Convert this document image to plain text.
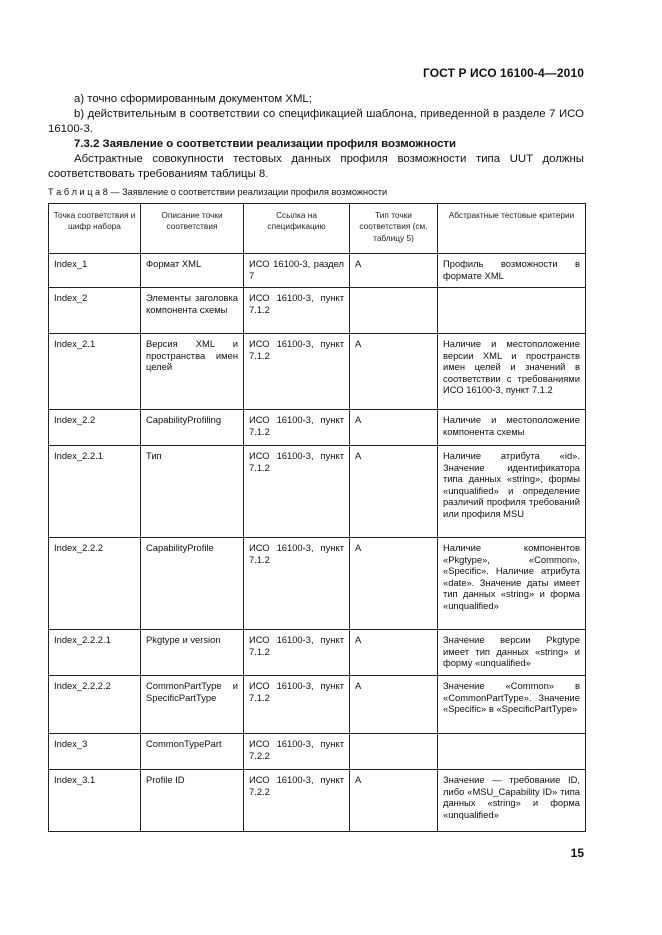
ГОСТ Р ИСО 16100-4—2010

а) точно сформированным документом XML;

b) действительным в соответствии со спецификацией шаблона, приведенной в разделе 7 ИСО 16100-3.

7.3.2 Заявление о соответствии реализации профиля возможности

Абстрактные совокупности тестовых данных профиля возможности типа UUT должны соответствовать требованиям таблицы 8.

Т а б л и ц а 8 — Заявление о соответствии реализации профиля возможности
Точка соответствия и шифр набора	Описание точки соответствия	Ссылка на спецификацию	Тип точки соответствия (см. таблицу 5)	Абстрактные тестовые критерии
Index_1	Формат XML	ИСО 16100-3, раздел 7	A	Профиль возможности в формате XML
Index_2	Элементы заголовка компонента схемы	ИСО 16100-3, пункт 7.1.2		
Index_2.1	Версия XML и пространства имен целей	ИСО 16100-3, пункт 7.1.2	A	Наличие и местоположение версии XML и пространств имен целей и значений в соответствии с требованиями ИСО 16100-3, пункт 7.1.2
Index_2.2	CapabilityProfiling	ИСО 16100-3, пункт 7.1.2	A	Наличие и местоположение компонента схемы
Index_2.2.1	Тип	ИСО 16100-3, пункт 7.1.2	A	Наличие атрибута «id». Значение идентификатора типа данных «string», формы «unqualified» и определение различий профиля требований или профиля MSU
Index_2.2.2	CapabilityProfile	ИСО 16100-3, пункт 7.1.2	A	Наличие компонентов «Pkgtype», «Common», «Specific». Наличие атрибута «date». Значение даты имеет тип данных «string» и форма «unqualified»
Index_2.2.2.1	Pkgtype и version	ИСО 16100-3, пункт 7.1.2	A	Значение версии Pkgtype имеет тип данных «string» и форму «unqualified»
Index_2.2.2.2	CommonPartType и SpecificPartType	ИСО 16100-3, пункт 7.1.2	A	Значение «Common» в «CommonPartType». Значение «Specific» в «SpecificPartType»
Index_3	CommonTypePart	ИСО 16100-3, пункт 7.2.2		
Index_3.1	Profile ID	ИСО 16100-3, пункт 7.2.2	A	Значение — требование ID, либо «MSU_Capability ID» типа данных «string» и форма «unqualified»
15
